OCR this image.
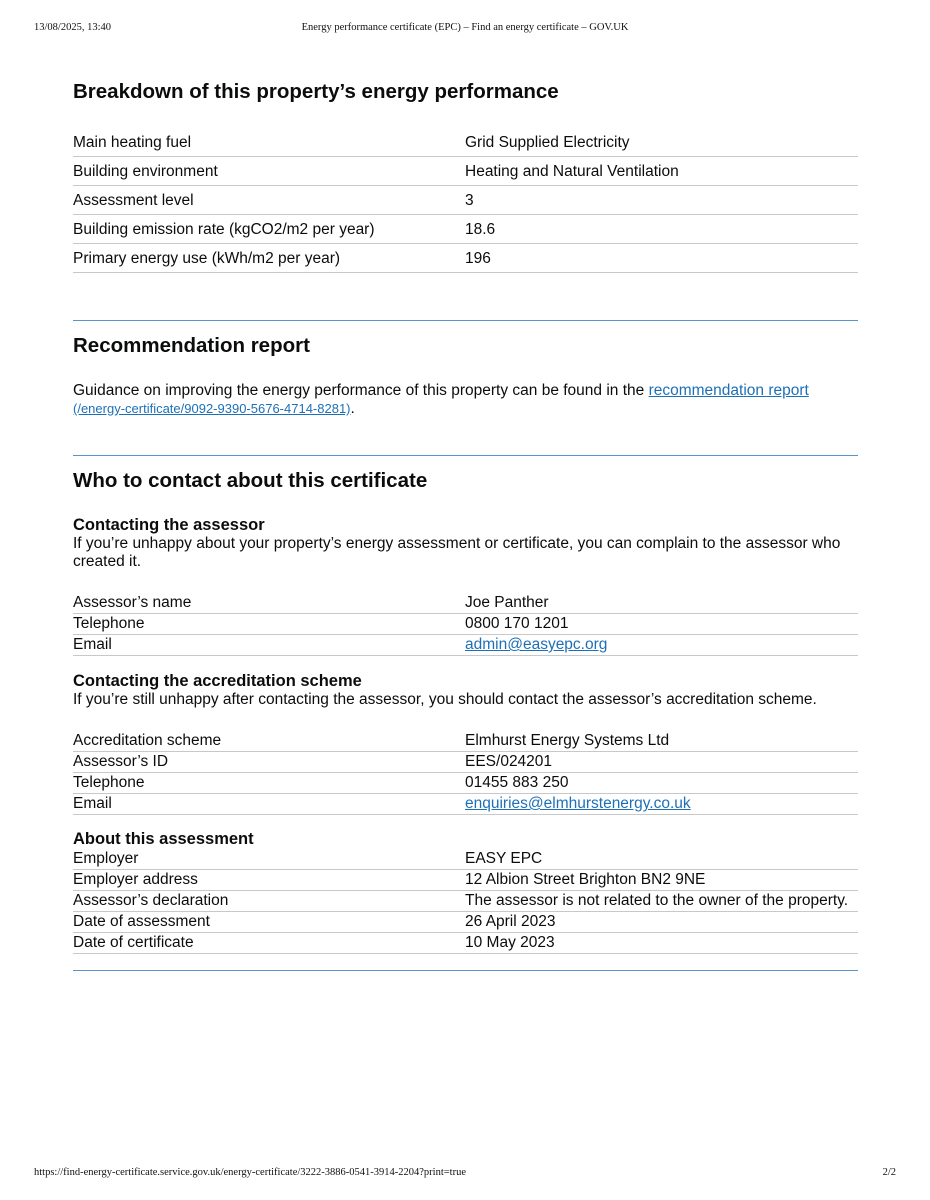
13/08/2025, 13:40	Energy performance certificate (EPC) – Find an energy certificate – GOV.UK
Breakdown of this property’s energy performance
Main heating fuel	Grid Supplied Electricity
Building environment	Heating and Natural Ventilation
Assessment level	3
Building emission rate (kgCO2/m2 per year)	18.6
Primary energy use (kWh/m2 per year)	196
Recommendation report

Guidance on improving the energy performance of this property can be found in the recommendation report
(/energy-certificate/9092-9390-5676-4714-8281).

Who to contact about this certificate
Contacting the assessor

If you’re unhappy about your property’s energy assessment or certificate, you can complain to the assessor who created it.

Assessor’s name	Joe Panther
Telephone	0800 170 1201
Email	admin@easyepc.org
Contacting the accreditation scheme

If you’re still unhappy after contacting the assessor, you should contact the assessor’s accreditation scheme.

Accreditation scheme	Elmhurst Energy Systems Ltd
Assessor’s ID	EES/024201
Telephone	01455 883 250
Email	enquiries@elmhurstenergy.co.uk
About this assessment
Employer	EASY EPC
Employer address	12 Albion Street Brighton BN2 9NE
Assessor’s declaration	The assessor is not related to the owner of the property.
Date of assessment	26 April 2023
Date of certificate	10 May 2023
https://find-energy-certificate.service.gov.uk/energy-certificate/3222-3886-0541-3914-2204?print=true	2/2
